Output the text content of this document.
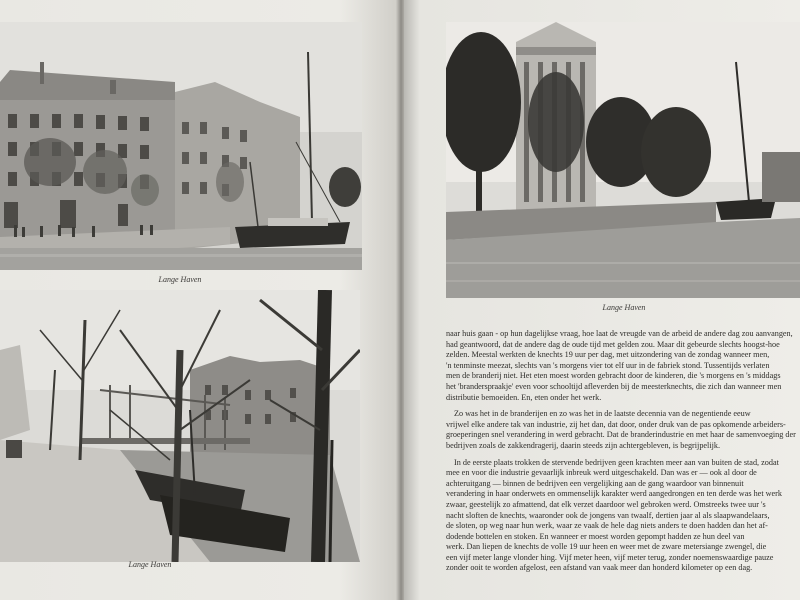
Lange Haven
Lange Haven
Lange Haven

naar huis gaan - op hun dagelijkse vraag, hoe laat de vreugde van de arbeid de andere dag zou aanvangen,
had geantwoord, dat de andere dag de oude tijd met gelden zou. Maar dit gebeurde slechts hoogst-hoe
zelden. Meestal werkten de knechts 19 uur per dag, met uitzondering van de zondag wanneer men,
'n tenminste meezat, slechts van 's morgens vier tot elf uur in de fabriek stond. Tussentijds verlaten
men de branderij niet. Het eten moest worden gebracht door de kinderen, die 's morgens en 's middags
het 'branderspraakje' even voor schooltijd afleverden bij de meesterknechts, die zich dan wanneer men
distributie bemoeiden. En, eten onder het werk.

Zo was het in de branderijen en zo was het in de laatste decennia van de negentiende eeuw
vrijwel elke andere tak van industrie, zij het dan, dat door, onder druk van de pas opkomende arbeiders-
groeperingen snel verandering in werd gebracht. Dat de branderindustrie en met haar de samenvoeging der
bedrijven zoals de zakkendragerij, daarin steeds zijn achtergebleven, is begrijpelijk.

In de eerste plaats trokken de stervende bedrijven geen krachten meer aan van buiten de stad, zodat
mee en voor die industrie gevaarlijk inbreuk werd uitgeschakeld. Dan was er — ook al door de
achteruitgang — binnen de bedrijven een vergelijking aan de gang waardoor van binnenuit
verandering in haar onderwets en ommenselijk karakter werd aangedrongen en ten derde was het werk
zwaar, geestelijk zo afmattend, dat elk verzet daardoor wel gebroken werd. Omstreeks twee uur 's
nacht sloften de knechts, waaronder ook de jongens van twaalf, dertien jaar al als slaapwandelaars,
de sloten, op weg naar hun werk, waar ze vaak de hele dag niets anders te doen hadden dan het af-
dodende bottelen en stoken. En wanneer er moest worden gepompt hadden ze hun deel van
werk. Dan liepen de knechts de volle 19 uur heen en weer met de zware metersiange zwengel, die
een vijf meter lange vlonder hing. Vijf meter heen, vijf meter terug, zonder noemenswaardige pauze
zonder ooit te worden afgelost, een afstand van vaak meer dan honderd kilometer op een dag.
